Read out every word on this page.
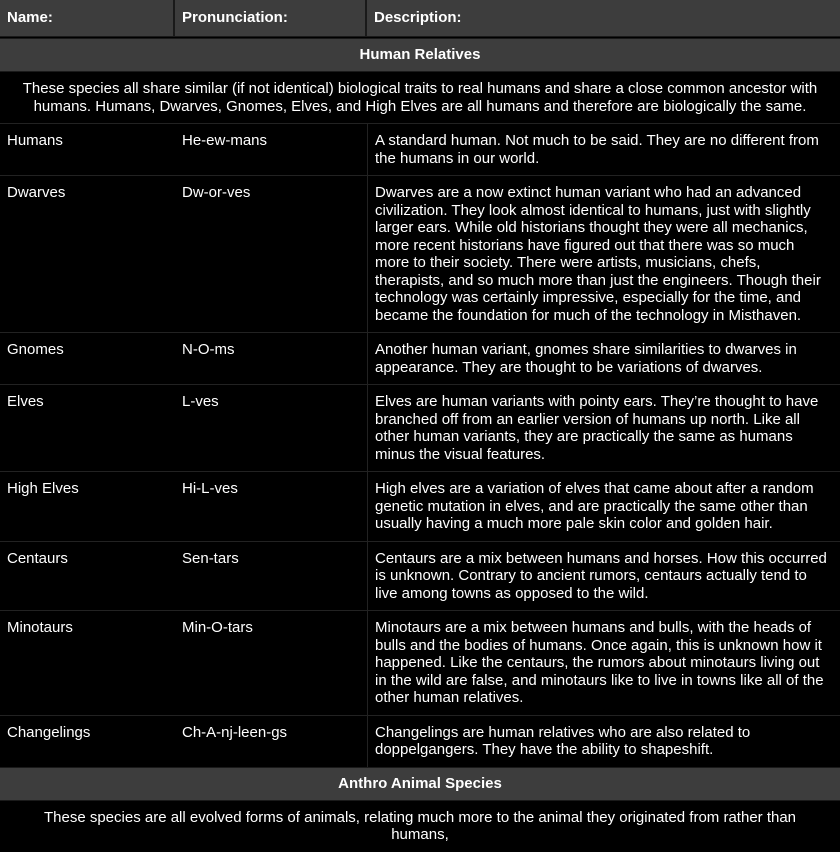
Name:	Pronunciation:	Description:
Human Relatives
These species all share similar (if not identical) biological traits to real humans and share a close common ancestor with humans. Humans, Dwarves, Gnomes, Elves, and High Elves are all humans and therefore are biologically the same.
Humans	He-ew-mans	A standard human. Not much to be said. They are no different from the humans in our world.
Dwarves	Dw-or-ves	Dwarves are a now extinct human variant who had an advanced civilization. They look almost identical to humans, just with slightly larger ears. While old historians thought they were all mechanics, more recent historians have figured out that there was so much more to their society. There were artists, musicians, chefs, therapists, and so much more than just the engineers. Though their technology was certainly impressive, especially for the time, and became the foundation for much of the technology in Misthaven.
Gnomes	N-O-ms	Another human variant, gnomes share similarities to dwarves in appearance. They are thought to be variations of dwarves.
Elves	L-ves	Elves are human variants with pointy ears. They’re thought to have branched off from an earlier version of humans up north. Like all other human variants, they are practically the same as humans minus the visual features.
High Elves	Hi-L-ves	High elves are a variation of elves that came about after a random genetic mutation in elves, and are practically the same other than usually having a much more pale skin color and golden hair.
Centaurs	Sen-tars	Centaurs are a mix between humans and horses. How this occurred is unknown. Contrary to ancient rumors, centaurs actually tend to live among towns as opposed to the wild.
Minotaurs	Min-O-tars	Minotaurs are a mix between humans and bulls, with the heads of bulls and the bodies of humans. Once again, this is unknown how it happened. Like the centaurs, the rumors about minotaurs living out in the wild are false, and minotaurs like to live in towns like all of the other human relatives.
Changelings	Ch-A-nj-leen-gs	Changelings are human relatives who are also related to doppelgangers. They have the ability to shapeshift.
Anthro Animal Species
These species are all evolved forms of animals, relating much more to the animal they originated from rather than humans,
